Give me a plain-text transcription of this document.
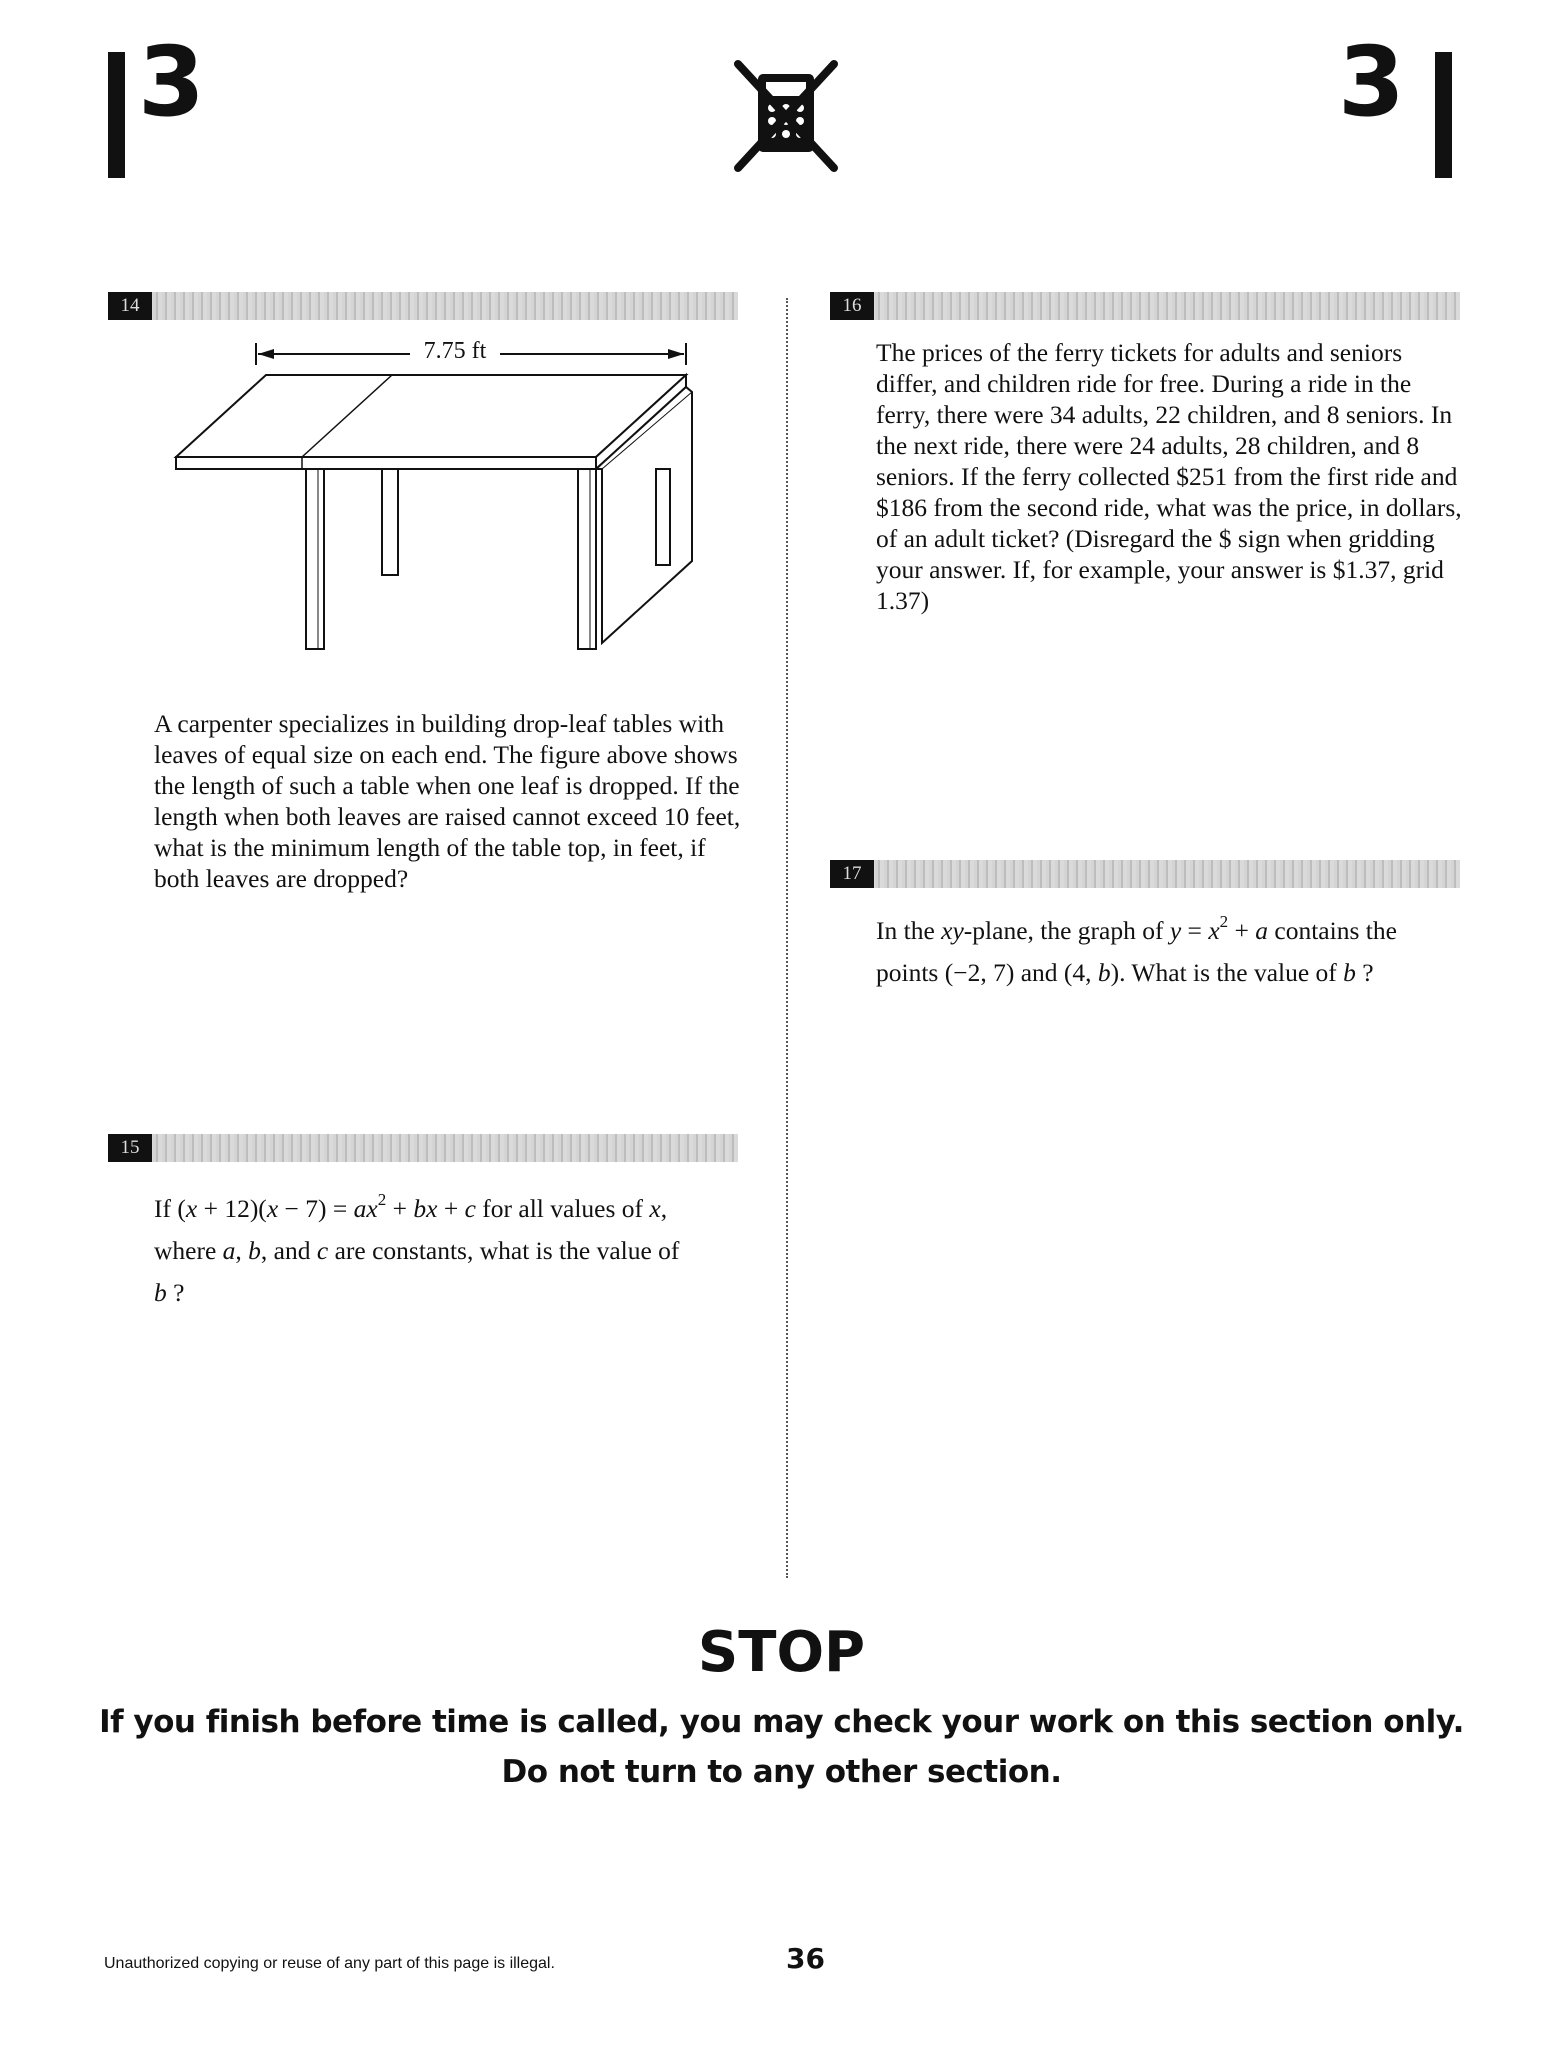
3	3
14
7.75 ft

A carpenter specializes in building drop-leaf tables with leaves of equal size on each end. The figure above shows the length of such a table when one leaf is dropped. If the length when both leaves are raised cannot exceed 10 feet, what is the minimum length of the table top, in feet, if both leaves are dropped?

15
If $(x + 12)(x - 7) = ax^2$ + bx + c for all values of x,
where a, b, and c are constants, what is the value of
b ?
16

The prices of the ferry tickets for adults and seniors differ, and children ride for free. During a ride in the ferry, there were 34 adults, 22 children, and 8 seniors. In the next ride, there were 24 adults, 28 children, and 8 seniors. If the ferry collected $251 from the first ride and $186 from the second ride, what was the price, in dollars, of an adult ticket? (Disregard the $ sign when gridding your answer. If, for example, your answer is $1.37, grid 1.37)

17
In the xy-plane, the graph of $y = x^2 + a$ contains the
points (−2, 7) and (4, b). What is the value of b ?
STOP
If you finish before time is called, you may check your work on this section only.
Do not turn to any other section.
Unauthorized copying or reuse of any part of this page is illegal.	36
